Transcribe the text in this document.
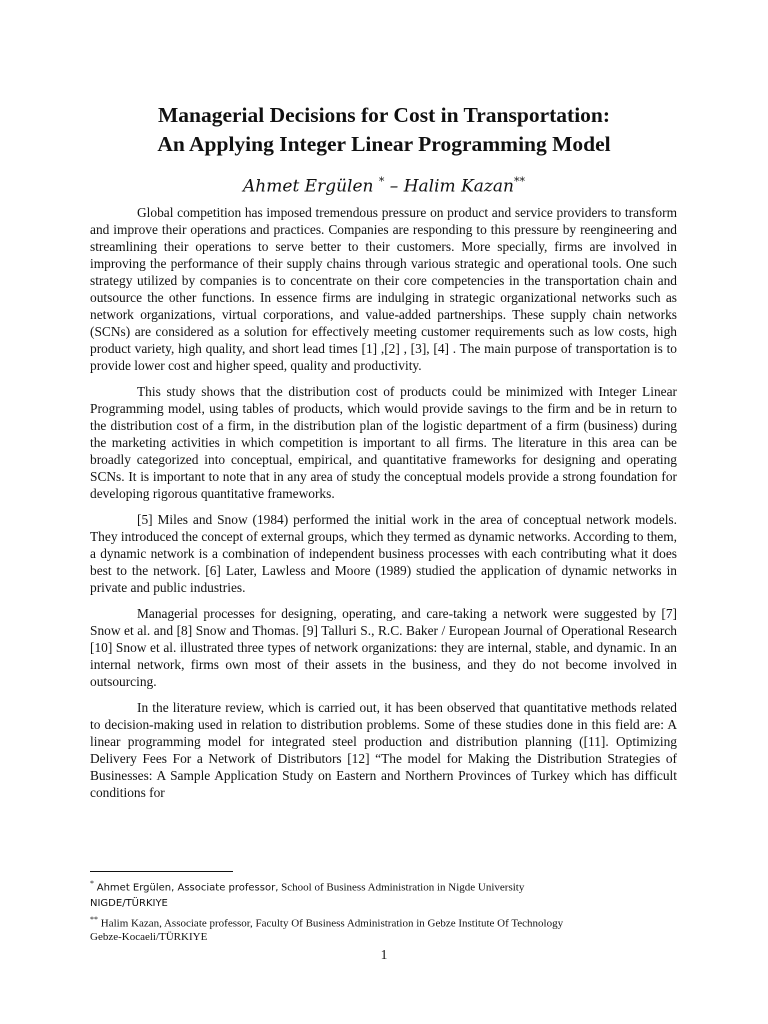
Managerial Decisions for Cost in Transportation:
An Applying Integer Linear Programming Model
Ahmet Ergülen * – Halim Kazan**

Global competition has imposed tremendous pressure on product and service providers to transform and improve their operations and practices. Companies are responding to this pressure by reengineering and streamlining their operations to serve better to their customers. More specially, firms are involved in improving the performance of their supply chains through various strategic and operational tools. One such strategy utilized by companies is to concentrate on their core competencies in the transportation chain and outsource the other functions. In essence firms are indulging in strategic organizational networks such as network organizations, virtual corporations, and value-added partnerships. These supply chain networks (SCNs) are considered as a solution for effectively meeting customer requirements such as low costs, high product variety, high quality, and short lead times [1] ,[2] , [3], [4] . The main purpose of transportation is to provide lower cost and higher speed, quality and productivity.

This study shows that the distribution cost of products could be minimized with Integer Linear Programming model, using tables of products, which would provide savings to the firm and be in return to the distribution cost of a firm, in the distribution plan of the logistic department of a firm (business) during the marketing activities in which competition is important to all firms. The literature in this area can be broadly categorized into conceptual, empirical, and quantitative frameworks for designing and operating SCNs. It is important to note that in any area of study the conceptual models provide a strong foundation for developing rigorous quantitative frameworks.

[5] Miles and Snow (1984) performed the initial work in the area of conceptual network models. They introduced the concept of external groups, which they termed as dynamic networks. According to them, a dynamic network is a combination of independent business processes with each contributing what it does best to the network. [6] Later, Lawless and Moore (1989) studied the application of dynamic networks in private and public industries.

Managerial processes for designing, operating, and care-taking a network were suggested by [7] Snow et al. and [8] Snow and Thomas. [9] Talluri S., R.C. Baker / European Journal of Operational Research [10] Snow et al. illustrated three types of network organizations: they are internal, stable, and dynamic. In an internal network, firms own most of their assets in the business, and they do not become involved in outsourcing.

In the literature review, which is carried out, it has been observed that quantitative methods related to decision-making used in relation to distribution problems. Some of these studies done in this field are: A linear programming model for integrated steel production and distribution planning ([11]. Optimizing Delivery Fees For a Network of Distributors [12] “The model for Making the Distribution Strategies of Businesses: A Sample Application Study on Eastern and Northern Provinces of Turkey which has difficult conditions for

* Ahmet Ergülen, Associate professor, School of Business Administration in Nigde University
NIGDE/TÜRKIYE
** Halim Kazan, Associate professor, Faculty Of Business Administration in Gebze Institute Of Technology
Gebze-Kocaeli/TÜRKIYE
1
